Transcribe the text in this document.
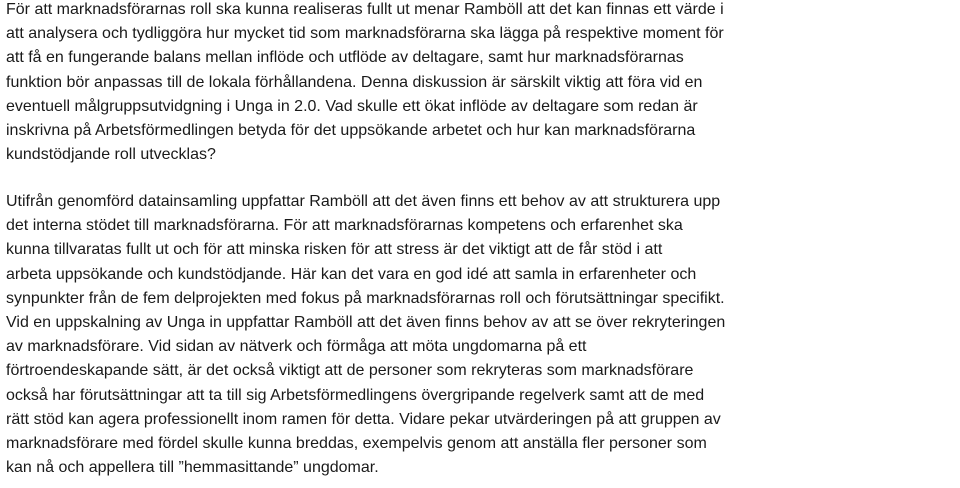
För att marknadsförarnas roll ska kunna realiseras fullt ut menar Ramböll att det kan finnas ett värde i
att analysera och tydliggöra hur mycket tid som marknadsförarna ska lägga på respektive moment för
att få en fungerande balans mellan inflöde och utflöde av deltagare, samt hur marknadsförarnas
funktion bör anpassas till de lokala förhållandena. Denna diskussion är särskilt viktig att föra vid en
eventuell målgruppsutvidgning i Unga in 2.0. Vad skulle ett ökat inflöde av deltagare som redan är
inskrivna på Arbetsförmedlingen betyda för det uppsökande arbetet och hur kan marknadsförarna
kundstödjande roll utvecklas?
Utifrån genomförd datainsamling uppfattar Ramböll att det även finns ett behov av att strukturera upp
det interna stödet till marknadsförarna. För att marknadsförarnas kompetens och erfarenhet ska
kunna tillvaratas fullt ut och för att minska risken för att stress är det viktigt att de får stöd i att
arbeta uppsökande och kundstödjande. Här kan det vara en god idé att samla in erfarenheter och
synpunkter från de fem delprojekten med fokus på marknadsförarnas roll och förutsättningar specifikt.
Vid en uppskalning av Unga in uppfattar Ramböll att det även finns behov av att se över rekryteringen
av marknadsförare. Vid sidan av nätverk och förmåga att möta ungdomarna på ett
förtroendeskapande sätt, är det också viktigt att de personer som rekryteras som marknadsförare
också har förutsättningar att ta till sig Arbetsförmedlingens övergripande regelverk samt att de med
rätt stöd kan agera professionellt inom ramen för detta. Vidare pekar utvärderingen på att gruppen av
marknadsförare med fördel skulle kunna breddas, exempelvis genom att anställa fler personer som
kan nå och appellera till ”hemmasittande” ungdomar.
